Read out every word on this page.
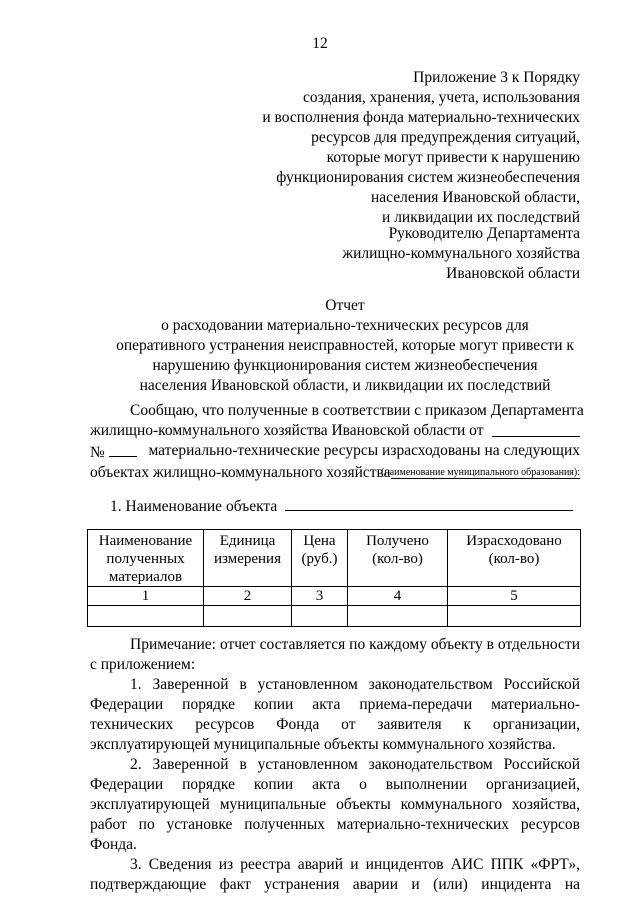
12
Приложение 3 к Порядку
создания, хранения, учета, использования
и восполнения фонда материально-технических
ресурсов для предупреждения ситуаций,
которые могут привести к нарушению
функционирования систем жизнеобеспечения
населения Ивановской области,
и ликвидации их последствий
Руководителю Департамента
жилищно-коммунального хозяйства
Ивановской области
Отчет
о расходовании материально-технических ресурсов для
оперативного устранения неисправностей, которые могут привести к
нарушению функционирования систем жизнеобеспечения
населения Ивановской области, и ликвидации их последствий
Сообщаю, что полученные в соответствии с приказом Департамента
жилищно-коммунального хозяйства Ивановской области от
№	материально-технические ресурсы израсходованы на следующих
объектах жилищно-коммунального хозяйства
(наименование муниципального образования):
1. Наименование объекта
Наименование полученных материалов	Единица измерения	Цена (руб.)	Получено (кол-во)	Израсходовано (кол-во)
1	2	3	4	5

Примечание: отчет составляется по каждому объекту в отдельности с приложением:

1. Заверенной в установленном законодательством Российской Федерации порядке копии акта приема-передачи материально-технических ресурсов Фонда от заявителя к организации, эксплуатирующей муниципальные объекты коммунального хозяйства.

2. Заверенной в установленном законодательством Российской Федерации порядке копии акта о выполнении организацией, эксплуатирующей муниципальные объекты коммунального хозяйства, работ по установке полученных материально-технических ресурсов Фонда.

3. Сведения из реестра аварий и инцидентов АИС ППК «ФРТ», подтверждающие факт устранения аварии и (или) инцидента на
